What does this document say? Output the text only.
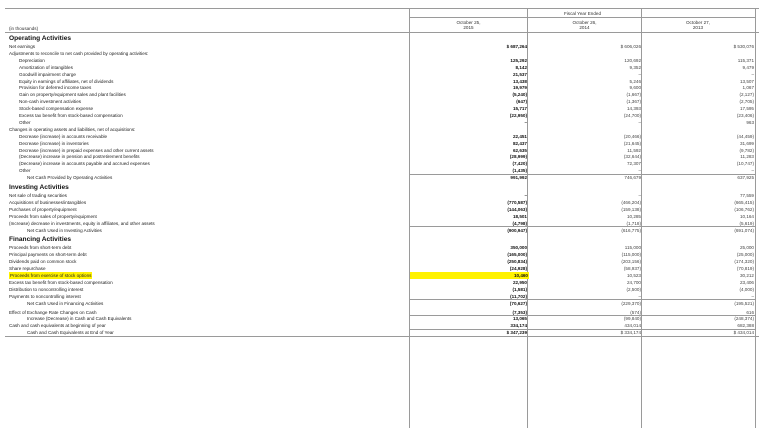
Fiscal Year Ended
October 25,
2015
October 26,
2014
October 27,
2013
(in thousands)
Operating Activities
Net earnings	$ 687,264	$ 606,026	$ 530,076
Adjustments to reconcile to net cash provided by operating activities:
Depreciation	125,292	120,692	115,371
Amortization of intangibles	8,142	9,352	9,479
Goodwill impairment charge	21,537	–	–
Equity in earnings of affiliates, net of dividends	13,438	5,246	13,507
Provision for deferred income taxes	19,979	9,600	1,067
Gain on property/equipment sales and plant facilities	(5,240)	(1,667)	(2,127)
Non-cash investment activities	(647)	(1,367)	(2,705)
Stock-based compensation expense	15,717	14,393	17,595
Excess tax benefit from stock-based compensation	(22,950)	(24,700)	(23,406)
Other	–	–	963
Changes in operating assets and liabilities, net of acquisitions:
Decrease (increase) in accounts receivable	22,451	(20,466)	(44,459)
Decrease (increase) in inventories	82,437	(21,645)	31,699
Decrease (increase) in prepaid expenses and other current assets	62,635	11,592	(9,782)
(Decrease) increase in pension and postretirement benefits	(28,999)	(32,644)	11,283
(Decrease) increase in accounts payable and accrued expenses	(7,420)	72,307	(10,747)
Other	(1,435)	–	–
Net Cash Provided by Operating Activities	991,992	746,679	637,925
Investing Activities
Net sale of trading securities	–	–	77,559
Acquisitions of businesses/intangibles	(770,587)	(466,204)	(665,415)
Purchases of property/equipment	(144,063)	(159,138)	(106,762)
Proceeds from sales of property/equipment	18,501	10,285	10,164
(Increase) decrease in investments, equity in affiliates, and other assets	(4,798)	(1,718)	(5,619)
Net Cash Used in Investing Activities	(900,947)	(616,775)	(691,074)
Financing Activities
Proceeds from short-term debt	350,000	115,000	25,000
Principal payments on short-term debt	(165,000)	(115,000)	(25,000)
Dividends paid on common stock	(250,834)	(203,156)	(174,320)
Share repurchase	(24,928)	(58,937)	(70,819)
Proceeds from exercise of stock options	10,460	10,523	30,212
Excess tax benefit from stock-based compensation	22,950	24,700	23,406
Distribution to noncontrolling interest	(1,581)	(2,500)	(4,000)
Payments to noncontrolling interest	(11,702)	–	–
Net Cash Used in Financing Activities	(70,627)	(229,370)	(195,521)
Effect of Exchange Rate Changes on Cash	(7,353)	(574)	616
Increase (Decrease) in Cash and Cash Equivalents	13,065	(99,840)	(248,374)
Cash and cash equivalents at beginning of year	334,174	434,014	682,388
Cash and Cash Equivalents at End of Year	$ 347,239	$ 334,174	$ 434,014
